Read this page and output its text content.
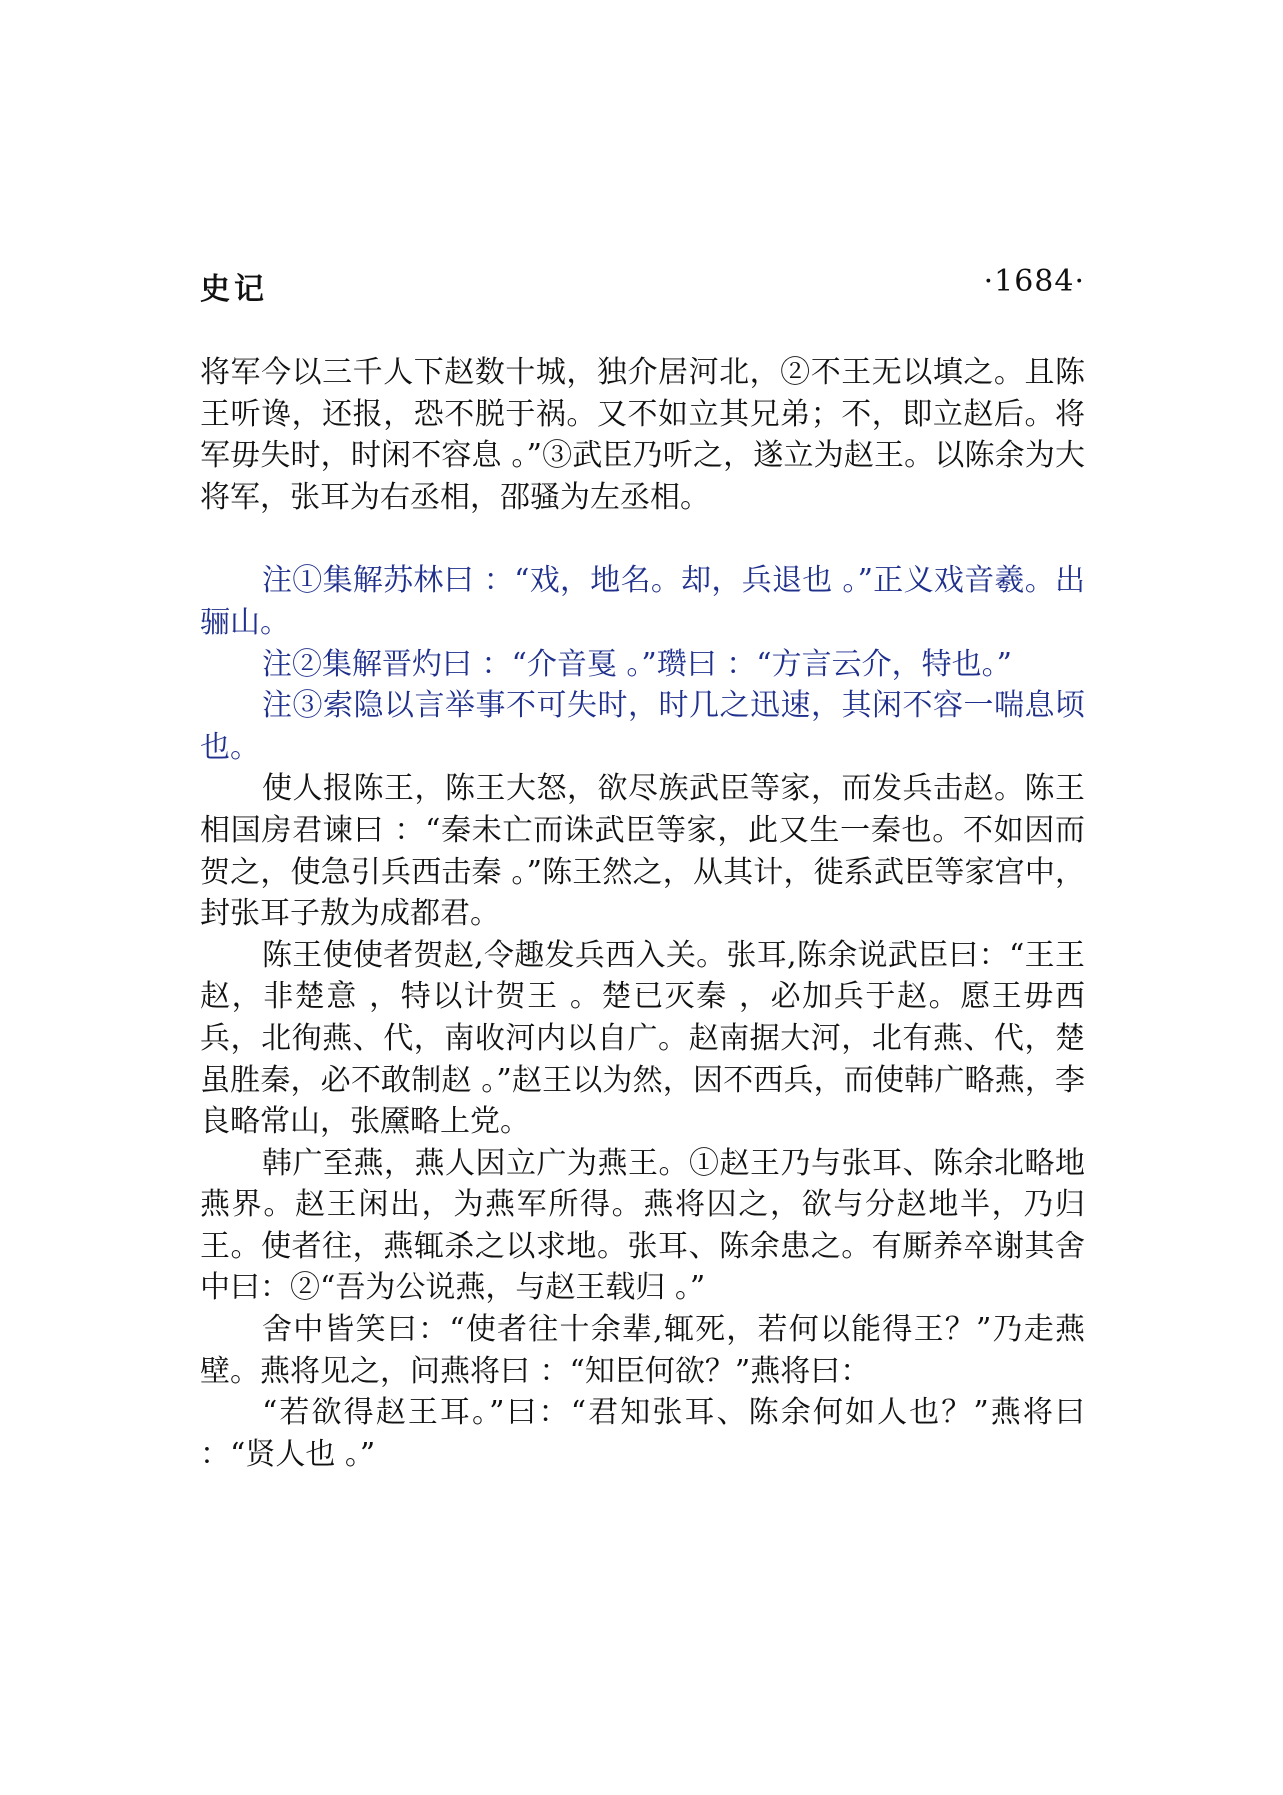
史记	·1684·

将军今以三千人下赵数十城，独介居河北，②不王无以填之。且陈王听谗，还报，恐不脱于祸。又不如立其兄弟；不，即立赵后。将军毋失时，时闲不容息 。”③武臣乃听之，遂立为赵王。以陈余为大将军，张耳为右丞相，邵骚为左丞相。

注①集解苏林曰 ：“戏，地名。却，兵退也 。”正义戏音羲。出骊山。

注②集解晋灼曰 ：“介音戛 。”瓒曰 ：“方言云介，特也。”

注③索隐以言举事不可失时，时几之迅速，其闲不容一喘息顷也。

使人报陈王，陈王大怒，欲尽族武臣等家，而发兵击赵。陈王相国房君谏曰 ：“秦未亡而诛武臣等家，此又生一秦也。不如因而贺之，使急引兵西击秦 。”陈王然之，从其计，徙系武臣等家宫中，封张耳子敖为成都君。

陈王使使者贺赵,令趣发兵西入关。张耳,陈余说武臣曰：“王王赵，非楚意 ，特以计贺王 。楚已灭秦 ，必加兵于赵。愿王毋西兵，北徇燕、代，南收河内以自广。赵南据大河，北有燕、代，楚虽胜秦，必不敢制赵 。”赵王以为然，因不西兵，而使韩广略燕，李良略常山，张黡略上党。

韩广至燕，燕人因立广为燕王。①赵王乃与张耳、陈余北略地燕界。赵王闲出，为燕军所得。燕将囚之，欲与分赵地半，乃归王。使者往，燕辄杀之以求地。张耳、陈余患之。有厮养卒谢其舍中曰：②“吾为公说燕，与赵王载归 。”

舍中皆笑曰：“使者往十余辈,辄死，若何以能得王？”乃走燕壁。燕将见之，问燕将曰 ：“知臣何欲？”燕将曰：

“若欲得赵王耳。”曰：“君知张耳、陈余何如人也？”燕将曰 ：“贤人也 。”
